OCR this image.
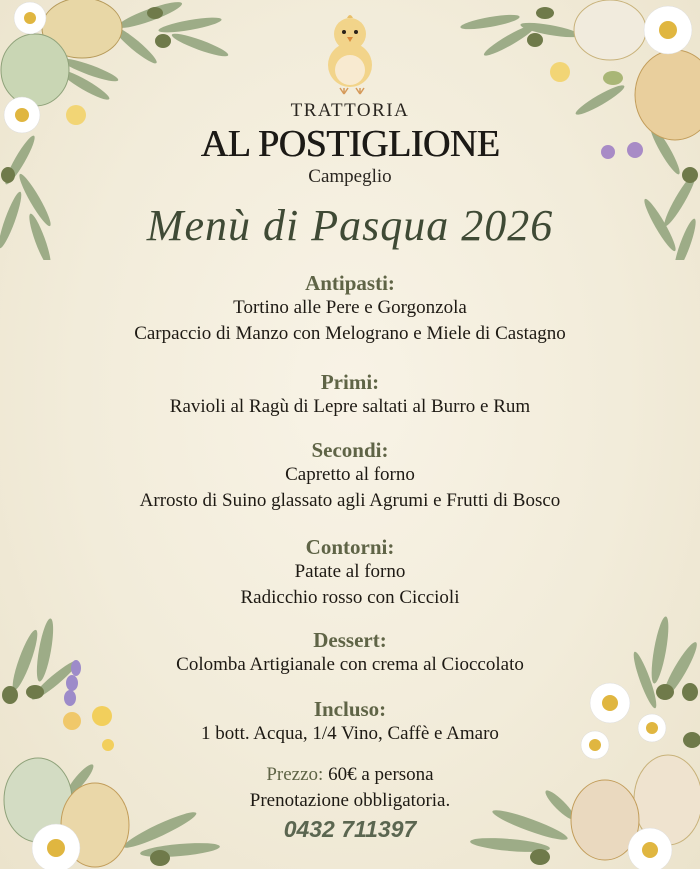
TRATTORIA
AL POSTIGLIONE
Campeglio
Menù di Pasqua 2026
Antipasti:
Tortino alle Pere e Gorgonzola
Carpaccio di Manzo con Melograno e Miele di Castagno
Primi:
Ravioli al Ragù di Lepre saltati al Burro e Rum
Secondi:
Capretto al forno
Arrosto di Suino glassato agli Agrumi e Frutti di Bosco
Contorni:
Patate al forno
Radicchio rosso con Ciccioli
Dessert:
Colomba Artigianale con crema al Cioccolato
Incluso:
1 bott. Acqua, 1/4 Vino, Caffè e Amaro
Prezzo: 60€ a persona
Prenotazione obbligatoria.
0432 711397
